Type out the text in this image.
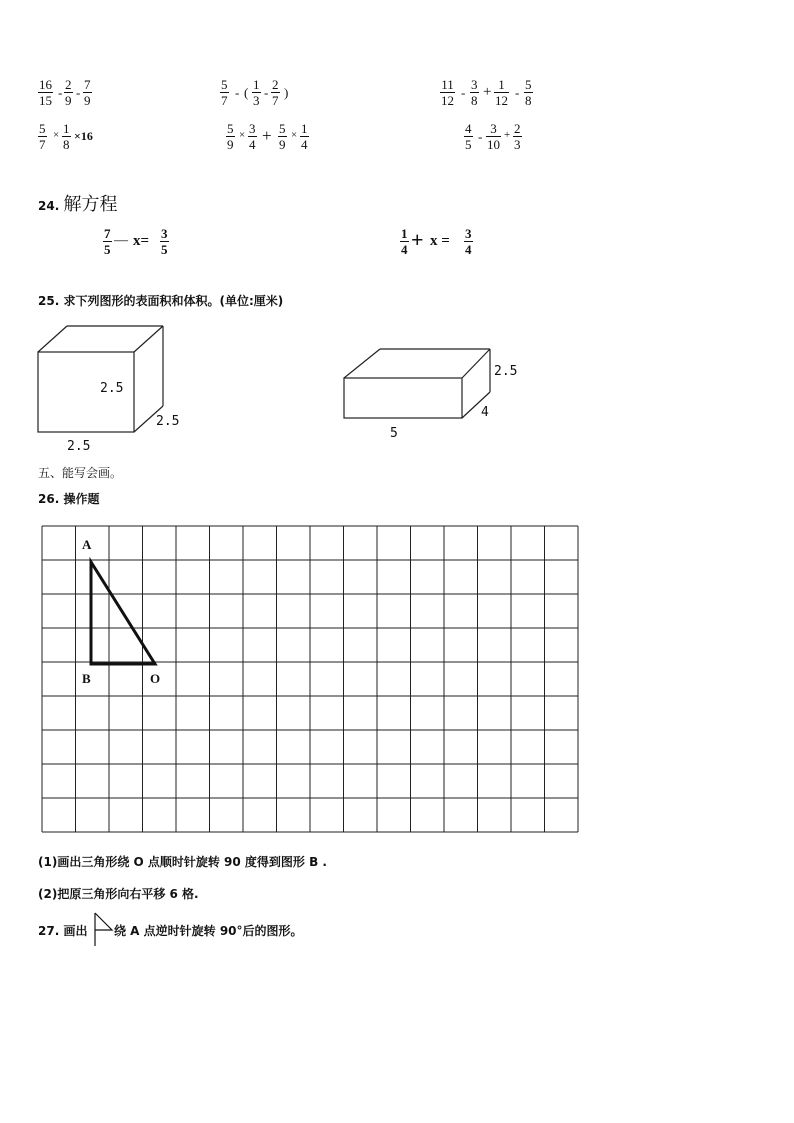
$\frac{16}{15} - \frac{2}{9} - \frac{7}{9}$	$\frac{5}{7}$ - ( $\frac{1}{3} - \frac{2}{7}$ )	$\frac{11}{12} - \frac{3}{8} + \frac{1}{12} - \frac{5}{8}$
$\frac{5}{7} \times \frac{1}{8} \times 16$	$\frac{5}{9} \times \frac{3}{4} + \frac{5}{9} \times \frac{1}{4}$	$\frac{4}{5} - \frac{3}{10} + \frac{2}{3}$
24. 解方程
$\frac{7}{5}$ — $x= \frac{3}{5}$	$\frac{1}{4} + x = \frac{3}{4}$
25. 求下列图形的表面积和体积。(单位:厘米)
2.5
2.5
2.5
2.5
4
5
五、能写会画。
26. 操作题
A
B	O
(1)画出三角形绕 O 点顺时针旋转 90 度得到图形 B .
(2)把原三角形向右平移 6 格.
27. 画出 绕 A 点逆时针旋转 90°后的图形。
